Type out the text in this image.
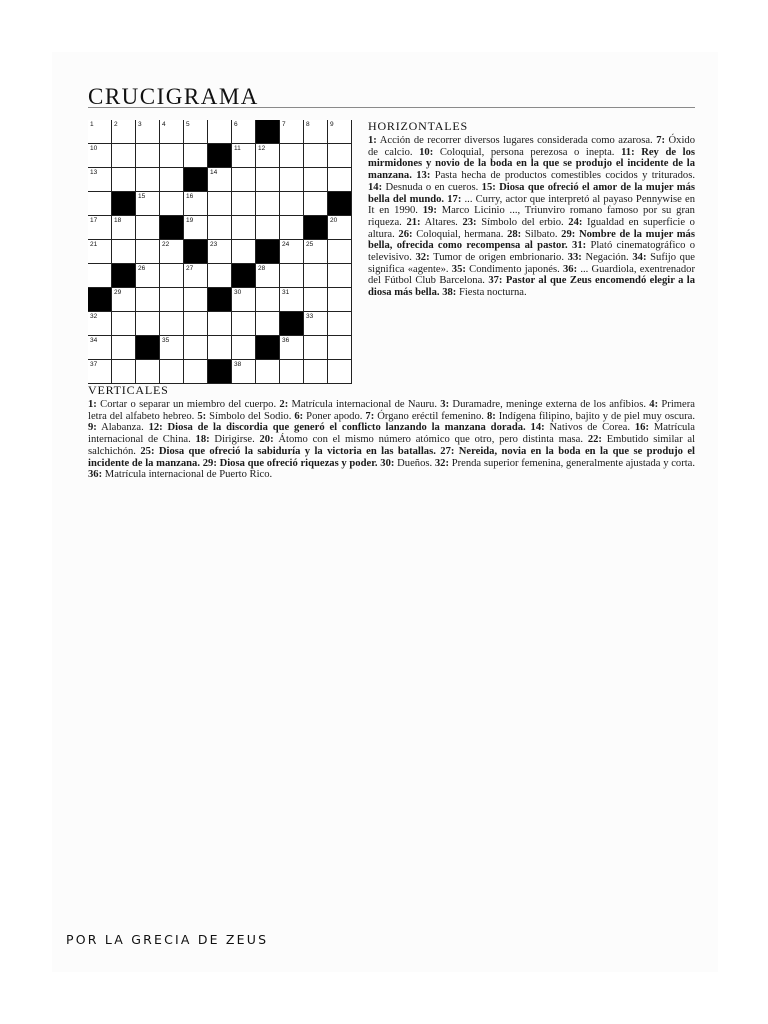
CRUCIGRAMA
1	2	3	4	5	6	7	8	9
10	11	12
13	14
15	16
17	18	19	20
21	22	23	24	25
26	27	28
29	30	31
32	33
34	35	36
37	38
HORIZONTALES
1: Acción de recorrer diversos lugares considerada como azarosa. 7: Óxido de calcio. 10: Coloquial, persona perezosa o inepta. 11: Rey de los mirmidones y novio de la boda en la que se produjo el incidente de la manzana. 13: Pasta hecha de productos comestibles cocidos y triturados. 14: Desnuda o en cueros. 15: Diosa que ofreció el amor de la mujer más bella del mundo. 17: ... Curry, actor que interpretó al payaso Pennywise en It en 1990. 19: Marco Licinio ..., Triunviro romano famoso por su gran riqueza. 21: Altares. 23: Símbolo del erbio. 24: Igualdad en superficie o altura. 26: Coloquial, hermana. 28: Silbato. 29: Nombre de la mujer más bella, ofrecida como recompensa al pastor. 31: Plató cinematográfico o televisivo. 32: Tumor de origen embrionario. 33: Negación. 34: Sufijo que significa «agente». 35: Condimento japonés. 36: ... Guardiola, exentrenador del Fútbol Club Barcelona. 37: Pastor al que Zeus encomendó elegir a la diosa más bella. 38: Fiesta nocturna.
VERTICALES
1: Cortar o separar un miembro del cuerpo. 2: Matrícula internacional de Nauru. 3: Duramadre, meninge externa de los anfibios. 4: Primera letra del alfabeto hebreo. 5: Símbolo del Sodio. 6: Poner apodo. 7: Órgano eréctil femenino. 8: Indígena filipino, bajito y de piel muy oscura. 9: Alabanza. 12: Diosa de la discordia que generó el conflicto lanzando la manzana dorada. 14: Nativos de Corea. 16: Matrícula internacional de China. 18: Dirigirse. 20: Átomo con el mismo número atómico que otro, pero distinta masa. 22: Embutido similar al salchichón. 25: Diosa que ofreció la sabiduría y la victoria en las batallas. 27: Nereida, novia en la boda en la que se produjo el incidente de la manzana. 29: Diosa que ofreció riquezas y poder. 30: Dueños. 32: Prenda superior femenina, generalmente ajustada y corta. 36: Matrícula internacional de Puerto Rico.
POR LA GRECIA DE ZEUS
